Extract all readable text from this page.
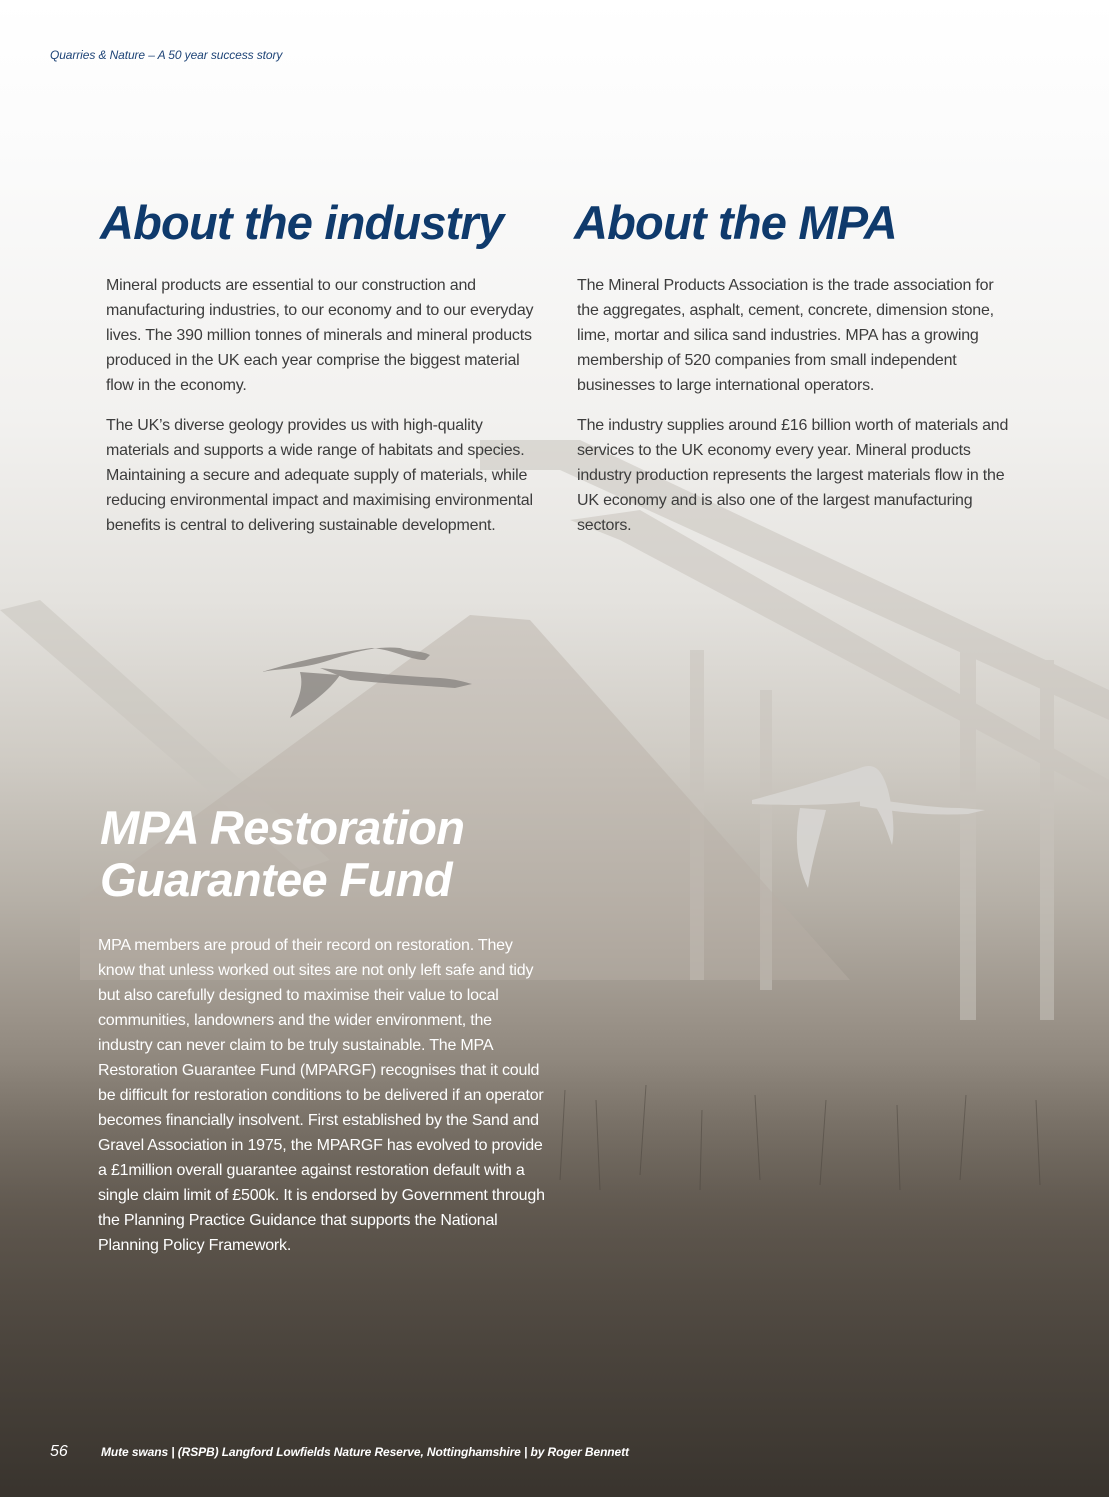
Quarries & Nature – A 50 year success story
About the industry

Mineral products are essential to our construction and manufacturing industries, to our economy and to our everyday lives. The 390 million tonnes of minerals and mineral products produced in the UK each year comprise the biggest material flow in the economy.

The UK’s diverse geology provides us with high-quality materials and supports a wide range of habitats and species. Maintaining a secure and adequate supply of materials, while reducing environmental impact and maximising environmental benefits is central to delivering sustainable development.

About the MPA

The Mineral Products Association is the trade association for the aggregates, asphalt, cement, concrete, dimension stone, lime, mortar and silica sand industries. MPA has a growing membership of 520 companies from small independent businesses to large international operators.

The industry supplies around £16 billion worth of materials and services to the UK economy every year. Mineral products industry production represents the largest materials flow in the UK economy and is also one of the largest manufacturing sectors.

MPA Restoration Guarantee Fund

MPA members are proud of their record on restoration. They know that unless worked out sites are not only left safe and tidy but also carefully designed to maximise their value to local communities, landowners and the wider environment, the industry can never claim to be truly sustainable. The MPA Restoration Guarantee Fund (MPARGF) recognises that it could be difficult for restoration conditions to be delivered if an operator becomes financially insolvent. First established by the Sand and Gravel Association in 1975, the MPARGF has evolved to provide a £1million overall guarantee against restoration default with a single claim limit of £500k. It is endorsed by Government through the Planning Practice Guidance that supports the National Planning Policy Framework.

56	Mute swans | (RSPB) Langford Lowfields Nature Reserve, Nottinghamshire | by Roger Bennett
